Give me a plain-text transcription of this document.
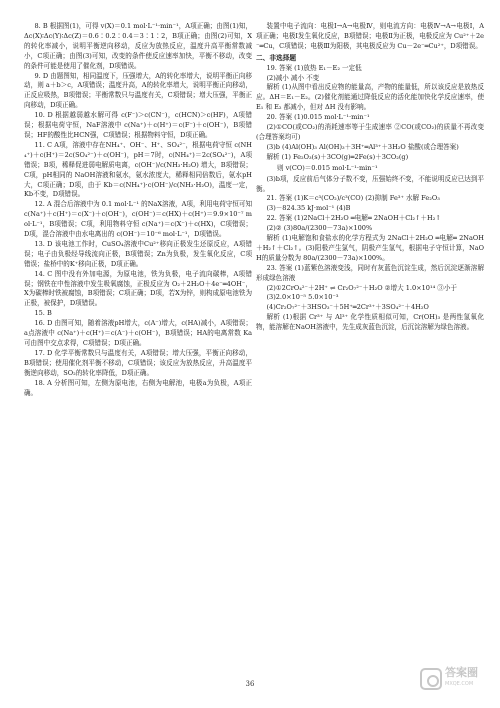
8. B 根据图(1)，可得 v(X)＝0.1 mol·L⁻¹·min⁻¹，A项正确；由图(1)知，Δc(X)∶Δc(Y)∶Δc(Z)＝0.6∶0.2∶0.4＝3∶1∶2，B项正确；由图(2)可知，X的转化率减小，说明平衡逆向移动，反应为放热反应，温度升高平衡常数减小，C项正确；由图(3)可知，改变的条件使反应速率加快，平衡不移动，改变的条件可能是使用了催化剂，D项错误。

9. D 由题图知，相同温度下，压强增大，A的转化率增大，说明平衡正向移动，则 a＋b＞c，A项错误；温度升高，A的转化率增大，说明平衡正向移动，正反应吸热，B项错误；平衡常数只与温度有关，C项错误；增大压强，平衡正向移动，D项正确。

10. D 根据越弱越水解可得 c(F⁻)＞c(CN⁻)，c(HCN)＞c(HF)，A项错误；根据电荷守恒，NaF溶液中 c(Na⁺)＋c(H⁺)＝c(F⁻)＋c(OH⁻)，B项错误；HF的酸性比HCN强，C项错误；根据物料守恒，D项正确。

11. C A项，溶液中存在NH₄⁺、OH⁻、H⁺、SO₄²⁻，根据电荷守恒 c(NH₄⁺)＋c(H⁺)＝2c(SO₄²⁻)＋c(OH⁻)，pH＝7时，c(NH₄⁺)＝2c(SO₄²⁻)，A项错误；B项，稀释促进弱电解质电离，c(OH⁻)/c(NH₃·H₂O) 增大，B项错误；C项，pH相同的 NaOH溶液和氨水，氨水浓度大，稀释相同倍数后，氨水pH大，C项正确；D项，由于 Kb＝c(NH₄⁺)·c(OH⁻)/c(NH₃·H₂O)，温度一定，Kb不变，D项错误。

12. A 混合后溶液中为 0.1 mol·L⁻¹ 的NaX溶液，A项，利用电荷守恒可知 c(Na⁺)＋c(H⁺)＝c(X⁻)＋c(OH⁻)，c(OH⁻)＝c(HX)＋c(H⁺)＝9.9×10⁻⁷ mol·L⁻¹，B项错误；C项，利用物料守恒 c(Na⁺)＝c(X⁻)＋c(HX)，C项错误；D项，混合溶液中由水电离出的 c(OH⁻)＝10⁻⁶ mol·L⁻¹，D项错误。

13. D 该电池工作时，CuSO₄溶液中Cu²⁺移向正极发生还原反应，A项错误；电子由负极经导线流向正极，B项错误；Zn为负极，发生氧化反应，C项错误；盐桥中的K⁺移向正极，D项正确。

14. C 图中没有外加电源，为原电池，铁为负极，电子流向碳棒，A项错误；钢铁在中性溶液中发生吸氧腐蚀，正极反应为 O₂＋2H₂O＋4e⁻═4OH⁻，X为碳棒时铁被腐蚀，B项错误；C项正确；D项，若X为锌，则构成原电池铁为正极，被保护，D项错误。

15. B

16. D 由图可知，随着溶液pH增大，c(A⁻)增大，c(HA)减小，A项错误；a点溶液中 c(Na⁺)＋c(H⁺)＝c(A⁻)＋c(OH⁻)，B项错误；HA的电离常数 Ka 可由图中交点求得，C项错误；D项正确。

17. D 化学平衡常数只与温度有关，A项错误；增大压强，平衡正向移动，B项错误；使用催化剂平衡不移动，C项错误；该反应为放热反应，升高温度平衡逆向移动，SO₂的转化率降低，D项正确。

18. A 分析图可知，左侧为原电池，右侧为电解池，电极a为负极，A项正确。

装置中电子流向：电极Ⅰ→A→电极Ⅳ，则电流方向：电极Ⅳ→A→电极Ⅰ，A项正确；电极Ⅰ发生氧化反应，B项错误；电极Ⅱ为正极，电极反应为 Cu²⁺＋2e⁻═Cu，C项错误；电极Ⅲ为阳极，其电极反应为 Cu－2e⁻═Cu²⁺，D项错误。

二、非选择题

19. 答案 (1)放热 E₁－E₂ 一定低

(2)减小 减小 不变

解析 (1)从图中看出反应物的能量高，产物的能量低，所以该反应是放热反应。ΔH＝E₁－E₂。(2)催化剂能通过降低反应的活化能加快化学反应速率，使 E₁ 和 E₂ 都减小，但对 ΔH 没有影响。

20. 答案 (1)0.015 mol·L⁻¹·min⁻¹

(2)①CO(或CO₂)的消耗速率等于生成速率 ②CO(或CO₂)的质量不再改变(合理答案均可)

(3)b (4)Al(OH)₃ Al(OH)₃＋3H⁺═Al³⁺＋3H₂O 盐酸(或合理答案)

解析 (1) Fe₂O₃(s)＋3CO(g)═2Fe(s)＋3CO₂(g)

则 v(CO)＝0.015 mol·L⁻¹·min⁻¹

(3)b项，反应前后气体分子数不变，压强始终不变，不能说明反应已达到平衡。

21. 答案 (1)K＝c³(CO₂)/c³(CO) (2)抑制 Fe³⁺ 水解 Fe₂O₃

(3)－824.35 kJ·mol⁻¹ (4)B

22. 答案 (1)2NaCl＋2H₂O ═电解═ 2NaOH＋Cl₂↑＋H₂↑

(2)② (3)80a/(2300－73a)×100%

解析 (1)电解饱和食盐水的化学方程式为 2NaCl＋2H₂O ═电解═ 2NaOH＋H₂↑＋Cl₂↑。(3)阳极产生氯气，阴极产生氢气，根据电子守恒计算，NaOH的质量分数为 80a/(2300－73a)×100%。

23. 答案 (1)蓝紫色溶液变浅，同时有灰蓝色沉淀生成，然后沉淀逐渐溶解形成绿色溶液

(2)①2CrO₄²⁻＋2H⁺ ⇌ Cr₂O₇²⁻＋H₂O ②增大 1.0×10¹⁴ ③小于

(3)2.0×10⁻⁵ 5.0×10⁻³

(4)Cr₂O₇²⁻＋3HSO₃⁻＋5H⁺═2Cr³⁺＋3SO₄²⁻＋4H₂O

解析 (1)根据 Cr³⁺ 与 Al³⁺ 化学性质相似可知，Cr(OH)₃ 是两性氢氧化物，能溶解在NaOH溶液中，先生成灰蓝色沉淀，后沉淀溶解为绿色溶液。

36
答案圈
MXQE.COM
